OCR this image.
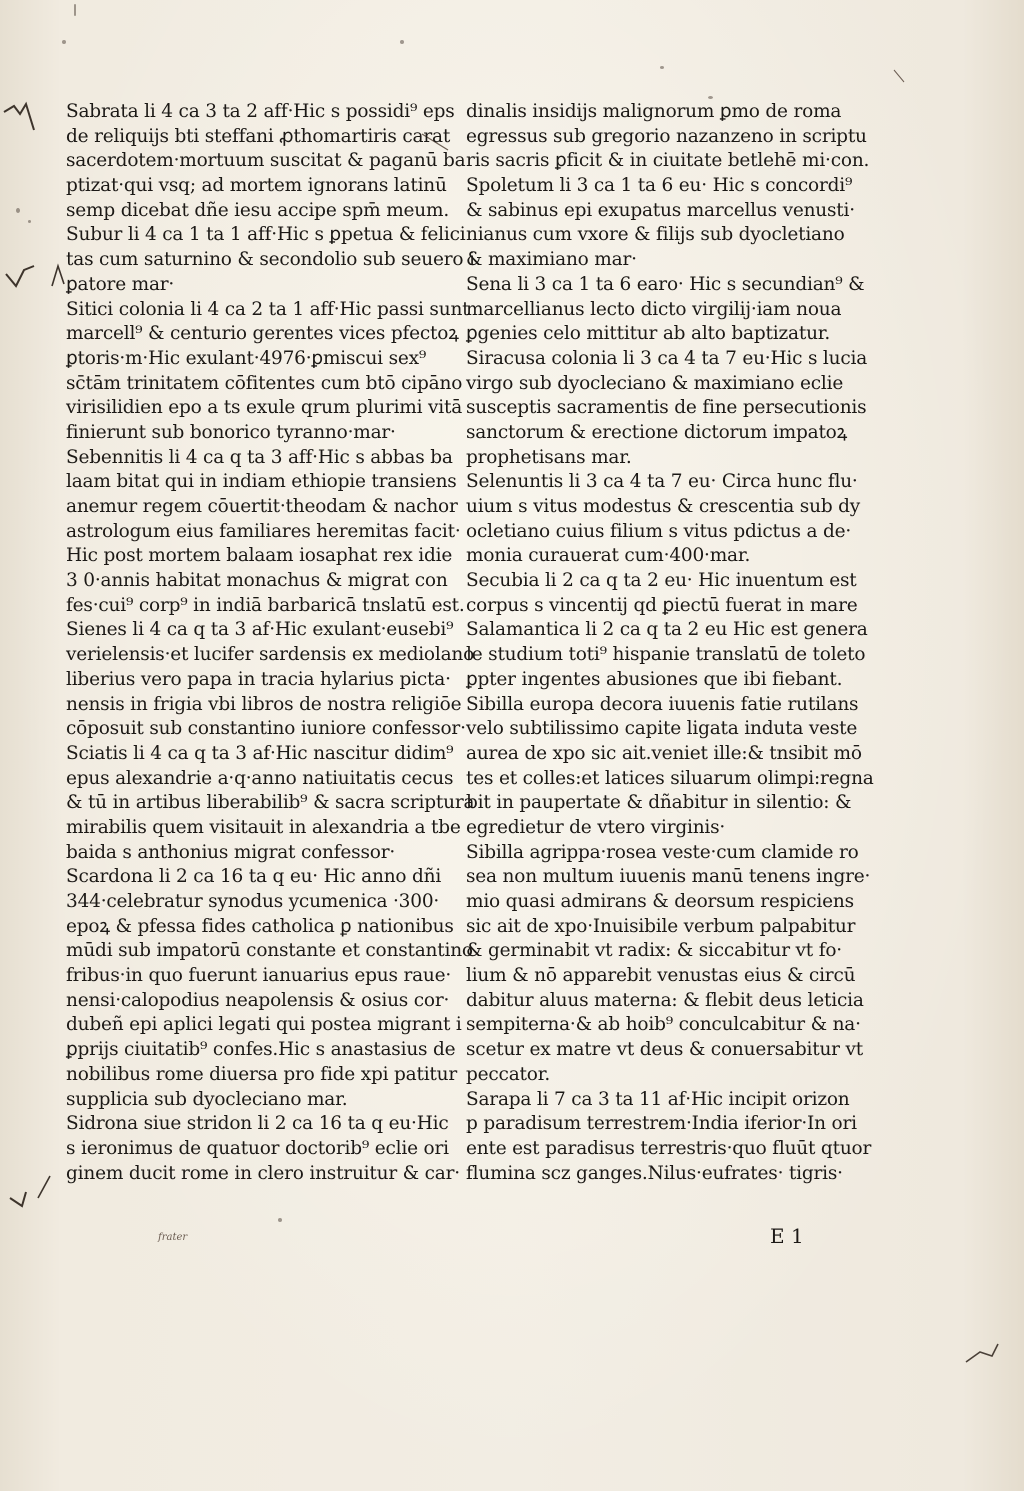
Sabrata li 4 ca 3 ta 2 aff·Hic s possidi⁹ eps
de reliquijs bti steffani ꝓthomartiris carat
sacerdotem·mortuum suscitat & paganū ba
ptizat·qui vsq; ad mortem ignorans latinū
semp dicebat dñe iesu accipe spm̄ meum.
Subur li 4 ca 1 ta 1 aff·Hic s ꝑpetua & felici
tas cum saturnino & secondolio sub seuero i
ꝑatore mar·
Sitici colonia li 4 ca 2 ta 1 aff·Hic passi sunt
marcell⁹ & centurio gerentes vices pfectoꝝ
ꝑtoris·m·Hic exulant·4976·ꝑmiscui sex⁹
sc̄tām trinitatem cōfitentes cum btō cipāno
virisilidien epo a ts exule qrum plurimi vitā
finierunt sub bonorico tyranno·mar·
Sebennitis li 4 ca q ta 3 aff·Hic s abbas ba
laam bitat qui in indiam ethiopie transiens
anemur regem cōuertit·theodam & nachor
astrologum eius familiares heremitas facit·
Hic post mortem balaam iosaphat rex idie
3 0·annis habitat monachus & migrat con
fes·cui⁹ corp⁹ in indiā barbaricā tnslatū est.
Sienes li 4 ca q ta 3 af·Hic exulant·eusebi⁹
verielensis·et lucifer sardensis ex mediolano
liberius vero papa in tracia hylarius picta·
nensis in frigia vbi libros de nostra religiōe
cōposuit sub constantino iuniore confessor·
Sciatis li 4 ca q ta 3 af·Hic nascitur didim⁹
epus alexandrie a·q·anno natiuitatis cecus
& tū in artibus liberabilib⁹ & sacra scriptura
mirabilis quem visitauit in alexandria a tbe
baida s anthonius migrat confessor·
Scardona li 2 ca 16 ta q eu· Hic anno dñi
344·celebratur synodus ycumenica ·300·
epoꝝ & pfessa fides catholica ꝑ nationibus
mūdi sub impatorū constante et constantino
fribus·in quo fuerunt ianuarius epus raue·
nensi·calopodius neapolensis & osius cor·
dubeñ epi aplici legati qui postea migrant i
ꝑprijs ciuitatib⁹ confes.Hic s anastasius de
nobilibus rome diuersa pro fide xpi patitur
supplicia sub dyocleciano mar.
Sidrona siue stridon li 2 ca 16 ta q eu·Hic
s ieronimus de quatuor doctorib⁹ eclie ori
ginem ducit rome in clero instruitur & car·
dinalis insidijs malignorum ꝑmo de roma
egressus sub gregorio nazanzeno in scriptu
ris sacris ꝑficit & in ciuitate betlehē mi·con.
Spoletum li 3 ca 1 ta 6 eu· Hic s concordi⁹
& sabinus epi exupatus marcellus venusti·
nianus cum vxore & filijs sub dyocletiano
& maximiano mar·
Sena li 3 ca 1 ta 6 earo· Hic s secundian⁹ &
marcellianus lecto dicto virgilij·iam noua
ꝑgenies celo mittitur ab alto baptizatur.
Siracusa colonia li 3 ca 4 ta 7 eu·Hic s lucia
virgo sub dyocleciano & maximiano eclie
susceptis sacramentis de fine persecutionis
sanctorum & erectione dictorum impatoꝝ
prophetisans mar.
Selenuntis li 3 ca 4 ta 7 eu· Circa hunc flu·
uium s vitus modestus & crescentia sub dy
ocletiano cuius filium s vitus pdictus a de·
monia curauerat cum·400·mar.
Secubia li 2 ca q ta 2 eu· Hic inuentum est
corpus s vincentij qd ꝑiectū fuerat in mare
Salamantica li 2 ca q ta 2 eu Hic est genera
le studium toti⁹ hispanie translatū de toleto
ꝑpter ingentes abusiones que ibi fiebant.
Sibilla europa decora iuuenis fatie rutilans
velo subtilissimo capite ligata induta veste
aurea de xpo sic ait.veniet ille:& tnsibit mō
tes et colles:et latices siluarum olimpi:regna
bit in paupertate & dñabitur in silentio: &
egredietur de vtero virginis·
Sibilla agrippa·rosea veste·cum clamide ro
sea non multum iuuenis manū tenens ingre·
mio quasi admirans & deorsum respiciens
sic ait de xpo·Inuisibile verbum palpabitur
& germinabit vt radix: & siccabitur vt fo·
lium & nō apparebit venustas eius & circū
dabitur aluus materna: & flebit deus leticia
sempiterna·& ab hoib⁹ conculcabitur & na·
scetur ex matre vt deus & conuersabitur vt
peccator.
Sarapa li 7 ca 3 ta 11 af·Hic incipit orizon
p paradisum terrestrem·India iferior·In ori
ente est paradisus terrestris·quo fluūt qtuor
flumina scz ganges.Nilus·eufrates· tigris·
E 1
frater
